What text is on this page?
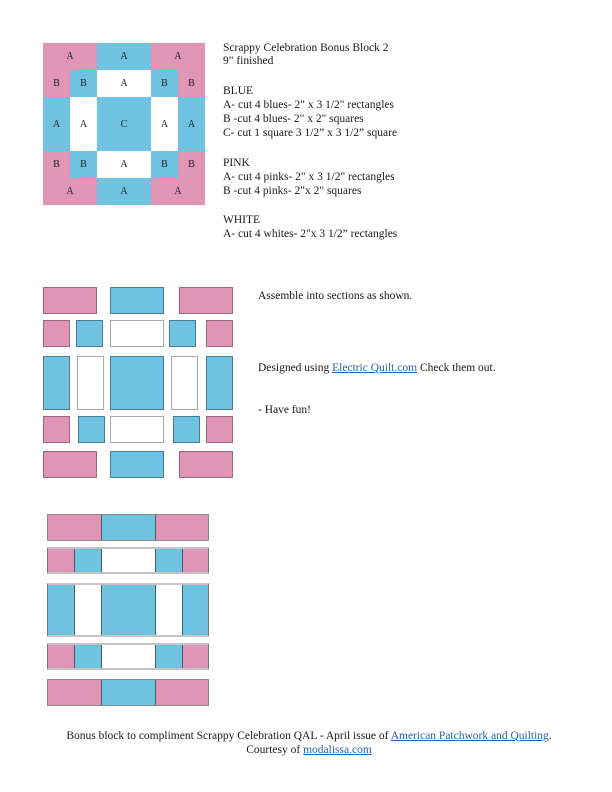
A	A	A
B	B	A	B	B
A	A	C	A	A
B	B	A	B	B
A	A	A
Scrappy Celebration Bonus Block 2
9" finished
BLUE
A- cut 4 blues- 2" x 3 1/2" rectangles
B -cut 4 blues- 2" x 2" squares
C- cut 1 square 3 1/2” x 3 1/2” square
PINK
A- cut 4 pinks- 2" x 3 1/2" rectangles
B -cut 4 pinks- 2"x 2" squares
WHITE
A- cut 4 whites- 2"x 3 1/2” rectangles
Assemble into sections as shown.
Designed using Electric Quilt.com Check them out.
- Have fun!
Bonus block to compliment Scrappy Celebration QAL - April issue of American Patchwork and Quilting.
Courtesy of modalissa.com
